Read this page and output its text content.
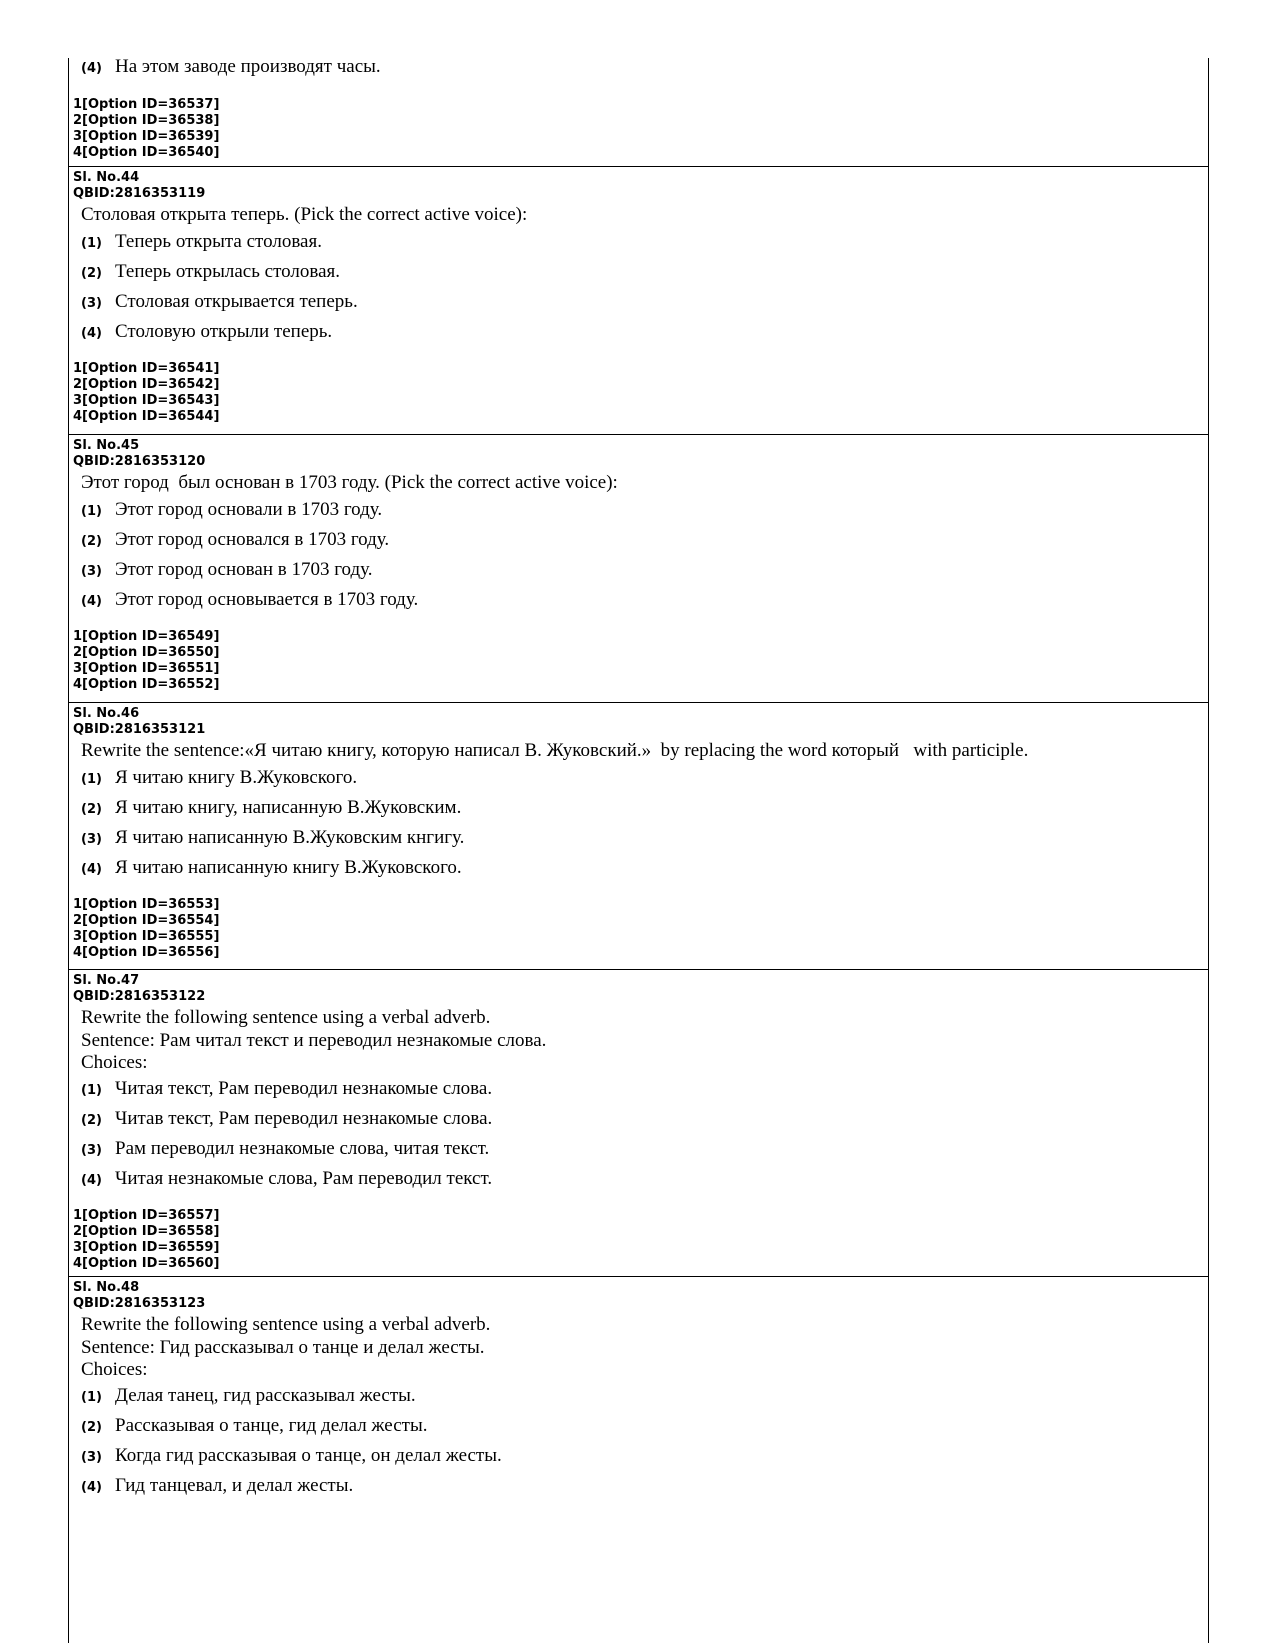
(4) На этом заводе производят часы.
1[Option ID=36537]
2[Option ID=36538]
3[Option ID=36539]
4[Option ID=36540]
Sl. No.44
QBID:2816353119
Столовая открыта теперь. (Pick the correct active voice):
(1) Теперь открыта столовая.
(2) Теперь открылась столовая.
(3) Столовая открывается теперь.
(4) Столовую открыли теперь.
1[Option ID=36541]
2[Option ID=36542]
3[Option ID=36543]
4[Option ID=36544]
Sl. No.45
QBID:2816353120
Этот город  был основан в 1703 году. (Pick the correct active voice):
(1) Этот город основали в 1703 году.
(2) Этот город основался в 1703 году.
(3) Этот город основан в 1703 году.
(4) Этот город основывается в 1703 году.
1[Option ID=36549]
2[Option ID=36550]
3[Option ID=36551]
4[Option ID=36552]
Sl. No.46
QBID:2816353121
Rewrite the sentence:«Я читаю книгу, которую написал В. Жуковский.»  by replacing the word который   with participle.
(1) Я читаю книгу В.Жуковского.
(2) Я читаю книгу, написанную В.Жуковским.
(3) Я читаю написанную В.Жуковским кнгигу.
(4) Я читаю написанную книгу В.Жуковского.
1[Option ID=36553]
2[Option ID=36554]
3[Option ID=36555]
4[Option ID=36556]
Sl. No.47
QBID:2816353122
Rewrite the following sentence using a verbal adverb.
Sentence: Рам читал текст и переводил незнакомые слова.
Choices:
(1) Читая текст, Рам переводил незнакомые слова.
(2) Читав текст, Рам переводил незнакомые слова.
(3) Рам переводил незнакомые слова, читая текст.
(4) Читая незнакомые слова, Рам переводил текст.
1[Option ID=36557]
2[Option ID=36558]
3[Option ID=36559]
4[Option ID=36560]
Sl. No.48
QBID:2816353123
Rewrite the following sentence using a verbal adverb.
Sentence: Гид рассказывал о танце и делал жесты.
Choices:
(1) Делая танец, гид рассказывал жесты.
(2) Рассказывая о танце, гид делал жесты.
(3) Когда гид рассказывая о танце, он делал жесты.
(4) Гид танцевал, и делал жесты.
